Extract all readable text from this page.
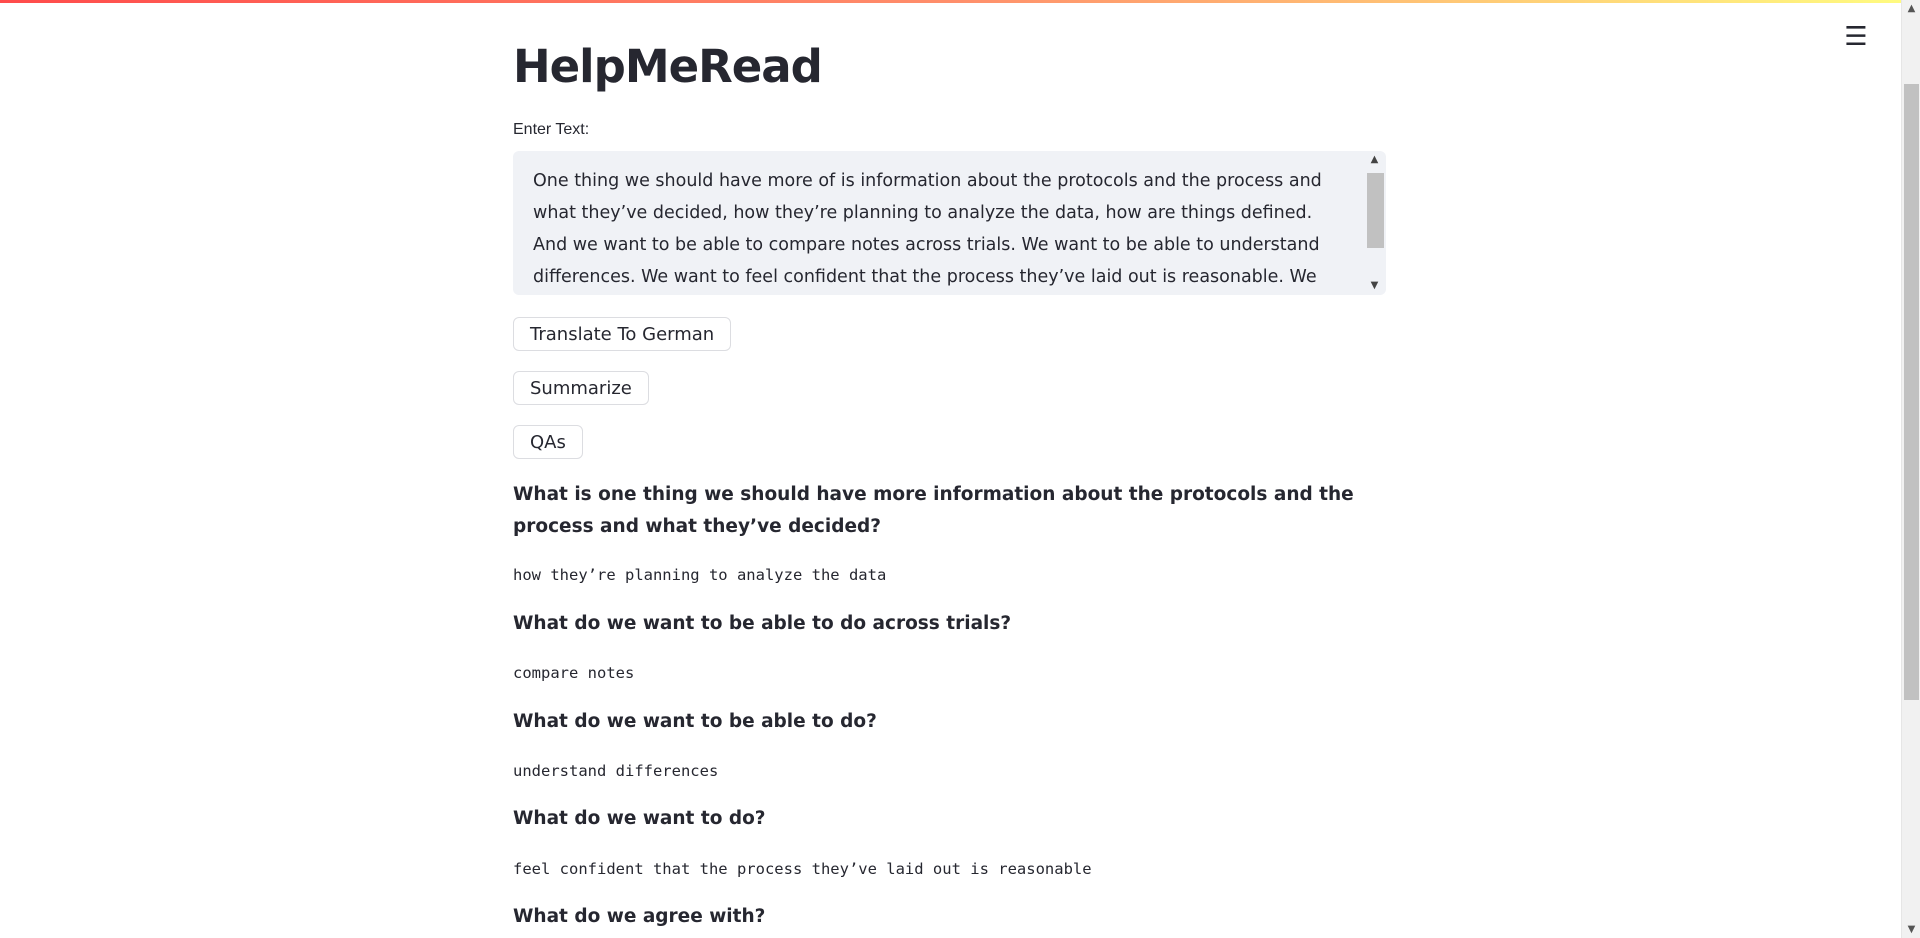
☰
▲
▼
HelpMeRead
Enter Text:
One thing we should have more of is information about the protocols and the process and what they’ve decided, how they’re planning to analyze the data, how are things defined. And we want to be able to compare notes across trials. We want to be able to understand differences. We want to feel confident that the process they’ve laid out is reasonable. We
▲
▼
Translate To German
Summarize
QAs
What is one thing we should have more information about the protocols and the process and what they’ve decided?
how they’re planning to analyze the data
What do we want to be able to do across trials?
compare notes
What do we want to be able to do?
understand differences
What do we want to do?
feel confident that the process they’ve laid out is reasonable
What do we agree with?
